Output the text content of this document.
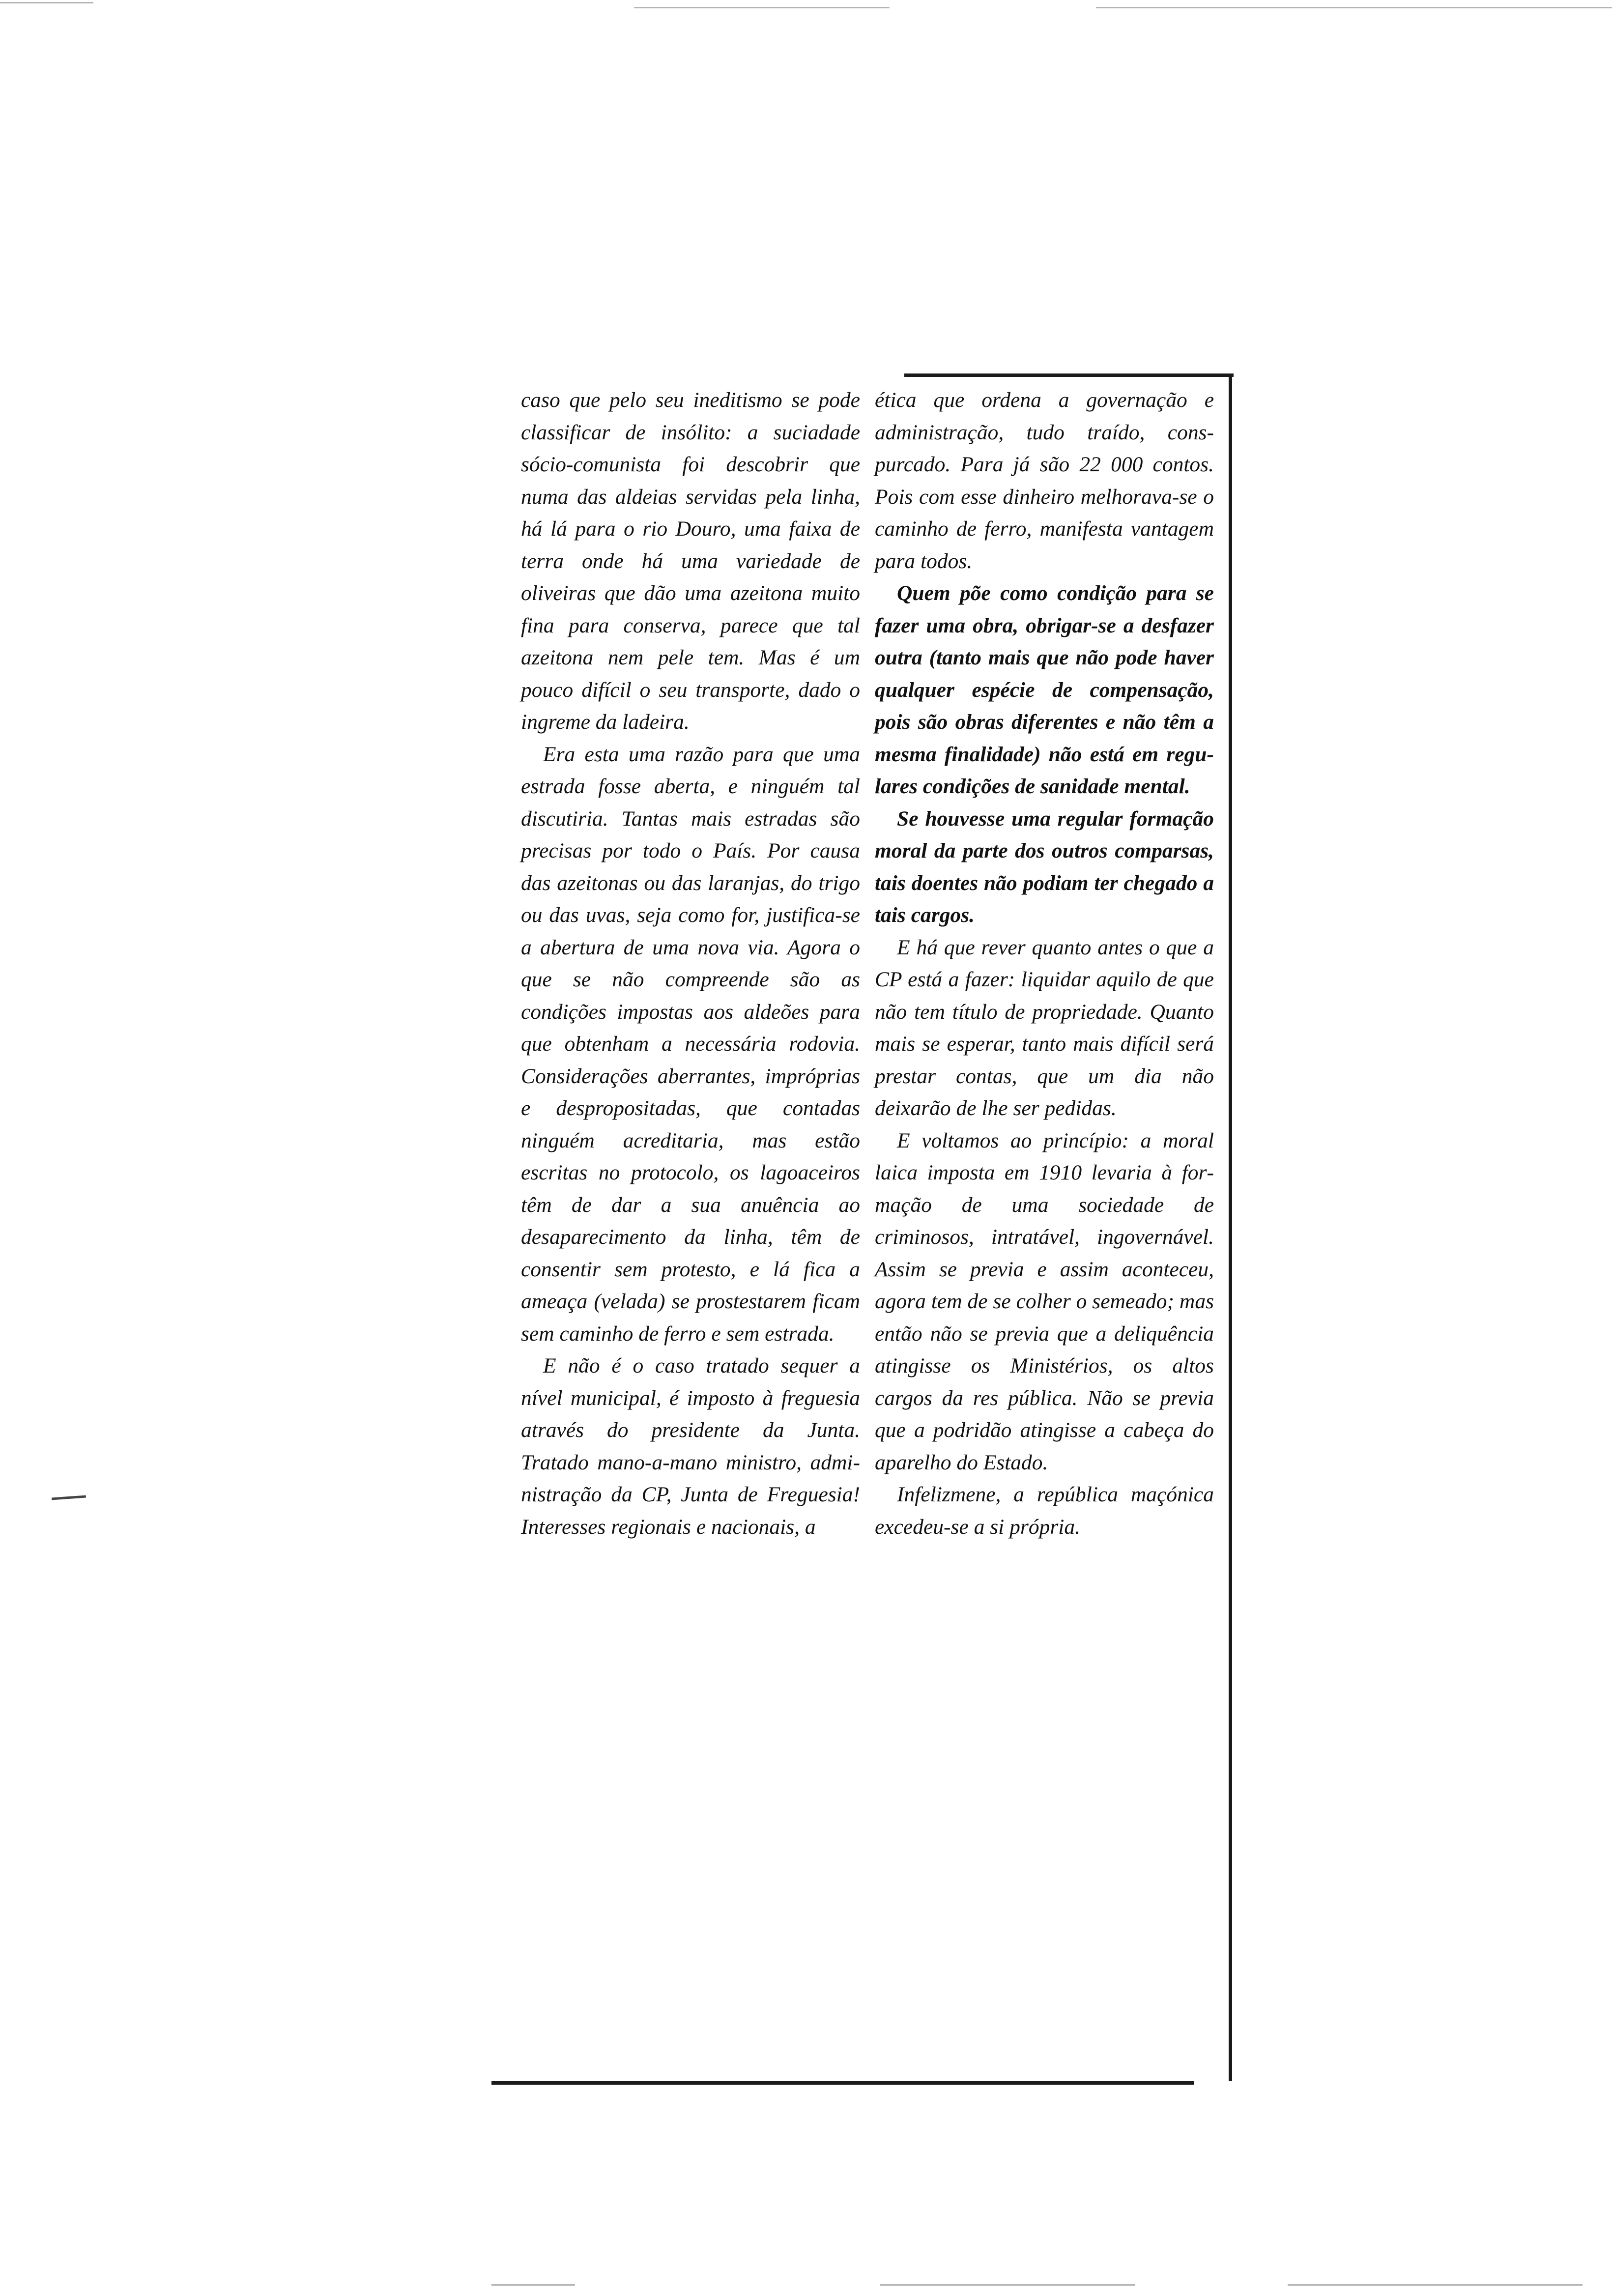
caso que pelo seu ineditismo se pode classificar de insólito: a suciadade sócio-comunista foi descobrir que numa das aldeias servidas pela linha, há lá para o rio Douro, uma faixa de terra onde há uma variedade de oliveiras que dão uma azeitona muito fina para conserva, parece que tal azeitona nem pele tem. Mas é um pouco difícil o seu transporte, dado o ingreme da ladeira.

Era esta uma razão para que uma estrada fosse aberta, e ninguém tal discutiria. Tantas mais estradas são precisas por todo o País. Por causa das azeitonas ou das laranjas, do trigo ou das uvas, seja como for, justifica-se a abertura de uma nova via. Agora o que se não compreende são as condições impostas aos aldeões para que obtenham a necessária rodovia. Considerações aberrantes, impróprias e despropositadas, que contadas ninguém acreditaria, mas estão escritas no protocolo, os lagoaceiros têm de dar a sua anuência ao desaparecimento da linha, têm de consentir sem protesto, e lá fica a ameaça (velada) se prostestarem ficam sem caminho de ferro e sem estrada.

E não é o caso tratado sequer a nível municipal, é imposto à freguesia através do presidente da Junta. Tratado mano-a-mano ministro, administração da CP, Junta de Freguesia! Interesses regionais e nacionais, a

ética que ordena a governação e administração, tudo traído, conspurcado. Para já são 22 000 contos. Pois com esse dinheiro melhorava-se o caminho de ferro, manifesta vantagem para todos.

Quem põe como condição para se fazer uma obra, obrigar-se a desfazer outra (tanto mais que não pode haver qualquer espécie de compensação, pois são obras diferentes e não têm a mesma finalidade) não está em regulares condições de sanidade mental.

Se houvesse uma regular formação moral da parte dos outros comparsas, tais doentes não podiam ter chegado a tais cargos.

E há que rever quanto antes o que a CP está a fazer: liquidar aquilo de que não tem título de propriedade. Quanto mais se esperar, tanto mais difícil será prestar contas, que um dia não deixarão de lhe ser pedidas.

E voltamos ao princípio: a moral laica imposta em 1910 levaria à formação de uma sociedade de criminosos, intratável, ingovernável. Assim se previa e assim aconteceu, agora tem de se colher o semeado; mas então não se previa que a deliquência atingisse os Ministérios, os altos cargos da res pública. Não se previa que a podridão atingisse a cabeça do aparelho do Estado.

Infelizmene, a república maçónica excedeu-se a si própria.
